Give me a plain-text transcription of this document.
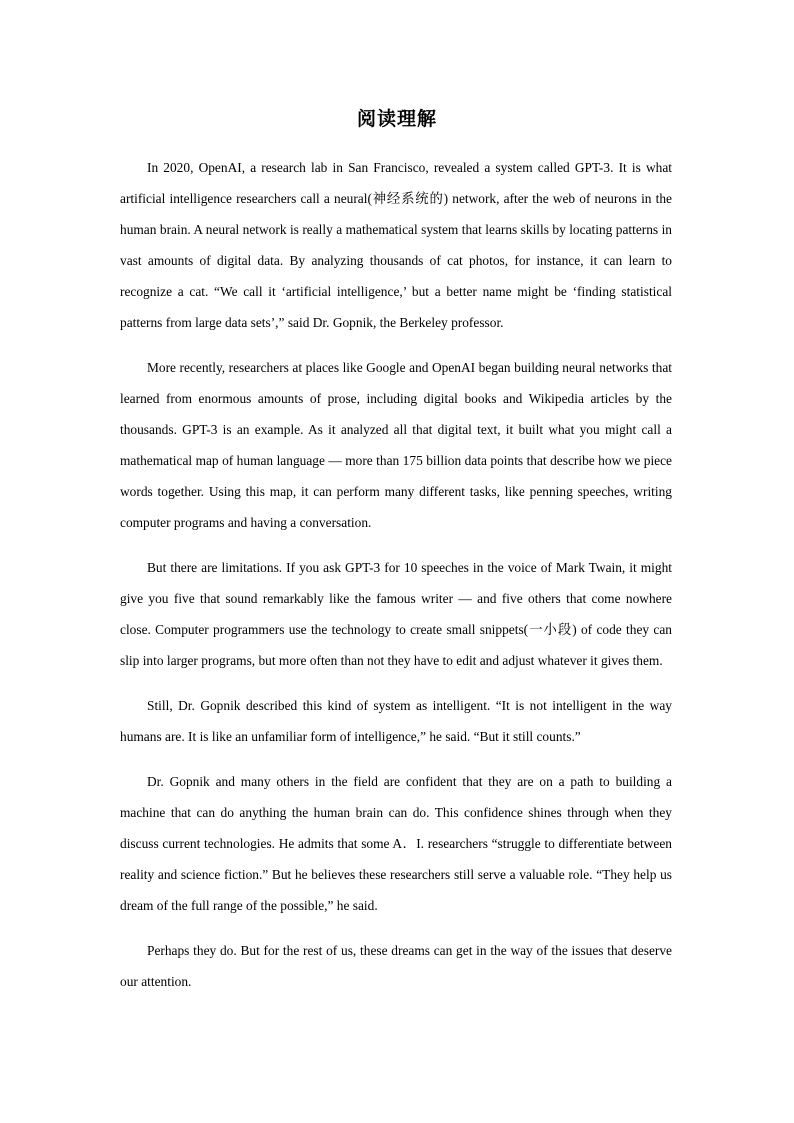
阅读理解

In 2020, OpenAI, a research lab in San Francisco, revealed a system called GPT-3. It is what artificial intelligence researchers call a neural(神经系统的) network, after the web of neurons in the human brain. A neural network is really a mathematical system that learns skills by locating patterns in vast amounts of digital data. By analyzing thousands of cat photos, for instance, it can learn to recognize a cat. “We call it ‘artificial intelligence,’ but a better name might be ‘finding statistical patterns from large data sets’,” said Dr. Gopnik, the Berkeley professor.

More recently, researchers at places like Google and OpenAI began building neural networks that learned from enormous amounts of prose, including digital books and Wikipedia articles by the thousands. GPT-3 is an example. As it analyzed all that digital text, it built what you might call a mathematical map of human language — more than 175 billion data points that describe how we piece words together. Using this map, it can perform many different tasks, like penning speeches, writing computer programs and having a conversation.

But there are limitations. If you ask GPT-3 for 10 speeches in the voice of Mark Twain, it might give you five that sound remarkably like the famous writer — and five others that come nowhere close. Computer programmers use the technology to create small snippets(一小段) of code they can slip into larger programs, but more often than not they have to edit and adjust whatever it gives them.

Still, Dr. Gopnik described this kind of system as intelligent. “It is not intelligent in the way humans are. It is like an unfamiliar form of intelligence,” he said. “But it still counts.”

Dr. Gopnik and many others in the field are confident that they are on a path to building a machine that can do anything the human brain can do. This confidence shines through when they discuss current technologies. He admits that some A．I. researchers “struggle to differentiate between reality and science fiction.” But he believes these researchers still serve a valuable role. “They help us dream of the full range of the possible,” he said.

Perhaps they do. But for the rest of us, these dreams can get in the way of the issues that deserve our attention.
